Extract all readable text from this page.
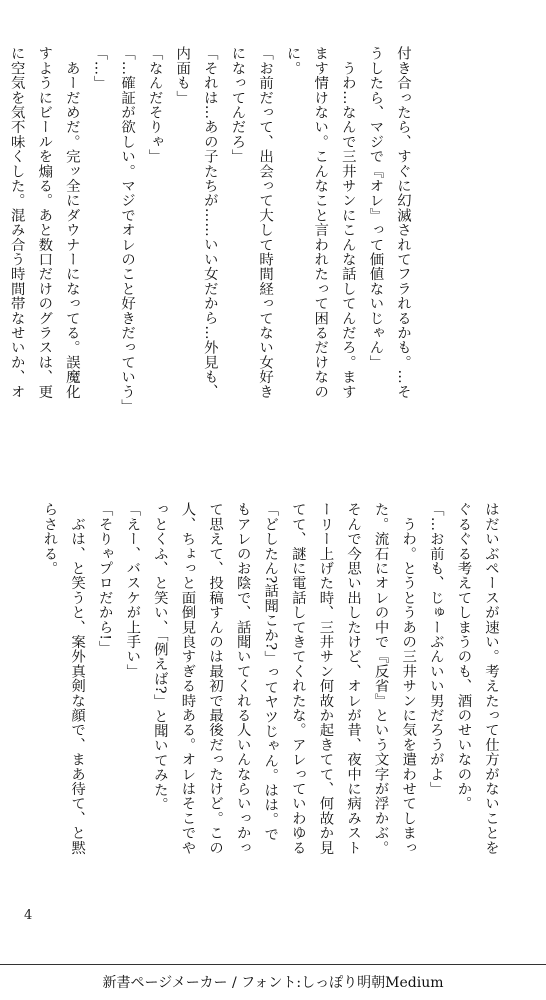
付き合ったら、すぐに幻滅されてフラれるかも。…そ
うしたら、マジで『オレ』って価値ないじゃん」
　うわ…なんで三井サンにこんな話してんだろ。ます
ます情けない。こんなこと言われたって困るだけなの
に。
「お前だって、出会って大して時間経ってない女好き
になってんだろ」
「それは…あの子たちが……いい女だから…外見も、
内面も」
「なんだそりゃ」
「…確証が欲しい。マジでオレのこと好きだっていう」
「…」
　あーだめだ。完ッ全にダウナーになってる。誤魔化
すようにビールを煽る。あと数口だけのグラスは、更
に空気を気不味くした。混み合う時間帯なせいか、オ
はだいぶペースが速い。考えたって仕方がないことを
ぐるぐる考えてしまうのも、酒のせいなのか。
「…お前も、じゅーぶんいい男だろうがよ」
　うわ。とうとうあの三井サンに気を遣わせてしまっ
た。流石にオレの中で『反省』という文字が浮かぶ。
そんで今思い出したけど、オレが昔、夜中に病みスト
ーリー上げた時、三井サン何故か起きてて、何故か見
てて、謎に電話してきてくれたな。アレっていわゆる
「どしたん?話聞こか?」ってヤツじゃん。はは。で
もアレのお陰で、話聞いてくれる人いんならいっかっ
て思えて、投稿すんのは最初で最後だったけど。この
人、ちょっと面倒見良すぎる時ある。オレはそこでや
っとくふ、と笑い、「例えば?」と聞いてみた。
「えー、バスケが上手い」
「そりゃプロだから!」
　ぶは、と笑うと、案外真剣な顔で、まあ待て、と黙
らされる。
4
新書ページメーカー / フォント:しっぽり明朝Medium
